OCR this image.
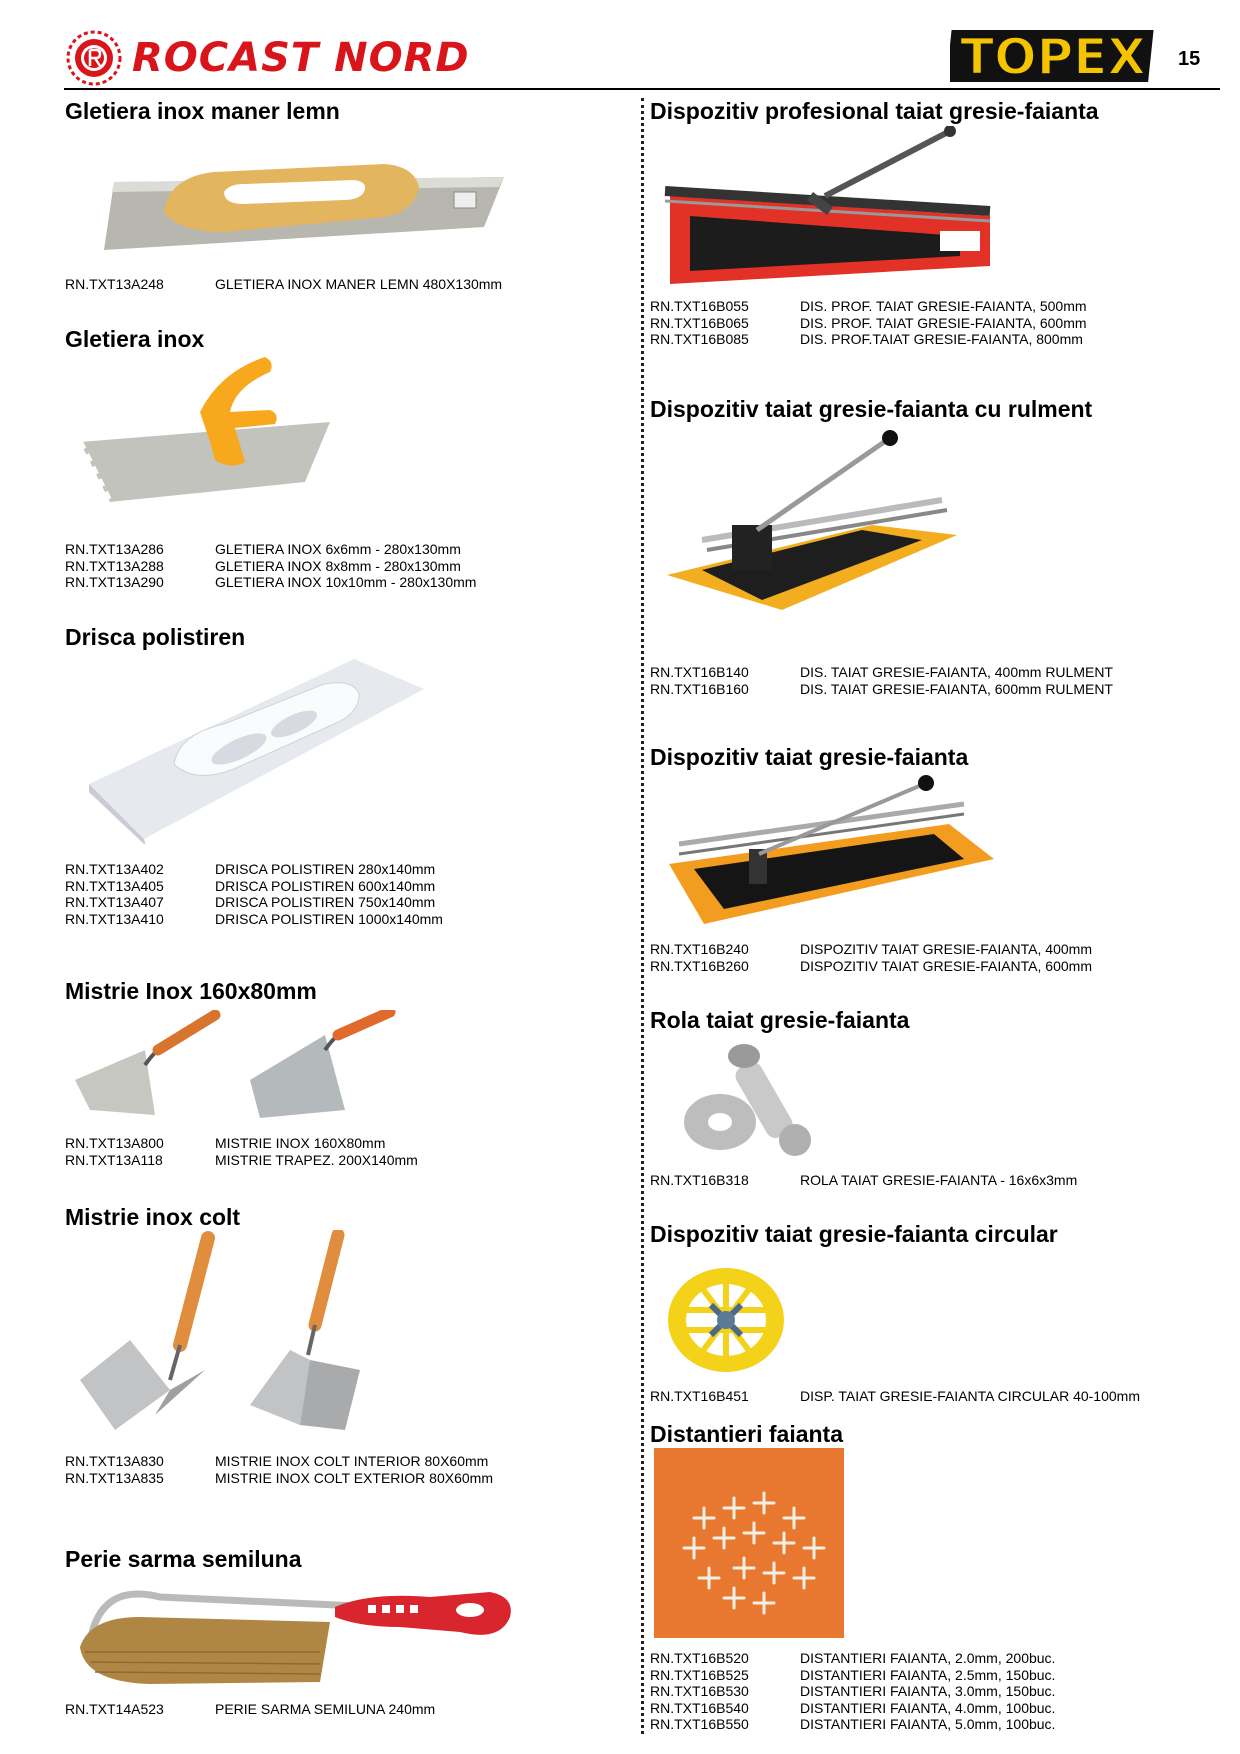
ROCAST NORD	TOPEX 15
Gletiera inox maner lemn
RN.TXT13A248	GLETIERA INOX MANER LEMN 480X130mm
Gletiera inox
RN.TXT13A286	GLETIERA INOX 6x6mm - 280x130mm
RN.TXT13A288	GLETIERA INOX 8x8mm - 280x130mm
RN.TXT13A290	GLETIERA INOX 10x10mm - 280x130mm
Drisca polistiren
RN.TXT13A402	DRISCA POLISTIREN 280x140mm
RN.TXT13A405	DRISCA POLISTIREN 600x140mm
RN.TXT13A407	DRISCA POLISTIREN 750x140mm
RN.TXT13A410	DRISCA POLISTIREN 1000x140mm
Mistrie Inox 160x80mm
RN.TXT13A800	MISTRIE INOX 160X80mm
RN.TXT13A118	MISTRIE TRAPEZ. 200X140mm
Mistrie inox colt
RN.TXT13A830	MISTRIE INOX COLT INTERIOR 80X60mm
RN.TXT13A835	MISTRIE INOX COLT EXTERIOR 80X60mm
Perie sarma semiluna
RN.TXT14A523	PERIE SARMA SEMILUNA 240mm
Dispozitiv profesional taiat gresie-faianta
RN.TXT16B055	DIS. PROF. TAIAT GRESIE-FAIANTA, 500mm
RN.TXT16B065	DIS. PROF. TAIAT GRESIE-FAIANTA, 600mm
RN.TXT16B085	DIS. PROF.TAIAT GRESIE-FAIANTA, 800mm
Dispozitiv taiat gresie-faianta cu rulment
RN.TXT16B140	DIS. TAIAT GRESIE-FAIANTA, 400mm RULMENT
RN.TXT16B160	DIS. TAIAT GRESIE-FAIANTA, 600mm RULMENT
Dispozitiv taiat gresie-faianta
RN.TXT16B240	DISPOZITIV TAIAT GRESIE-FAIANTA, 400mm
RN.TXT16B260	DISPOZITIV TAIAT GRESIE-FAIANTA, 600mm
Rola taiat gresie-faianta
RN.TXT16B318	ROLA TAIAT GRESIE-FAIANTA - 16x6x3mm
Dispozitiv taiat gresie-faianta circular
RN.TXT16B451	DISP. TAIAT GRESIE-FAIANTA CIRCULAR 40-100mm
Distantieri faianta
RN.TXT16B520	DISTANTIERI FAIANTA, 2.0mm, 200buc.
RN.TXT16B525	DISTANTIERI FAIANTA, 2.5mm, 150buc.
RN.TXT16B530	DISTANTIERI FAIANTA, 3.0mm, 150buc.
RN.TXT16B540	DISTANTIERI FAIANTA, 4.0mm, 100buc.
RN.TXT16B550	DISTANTIERI FAIANTA, 5.0mm, 100buc.
